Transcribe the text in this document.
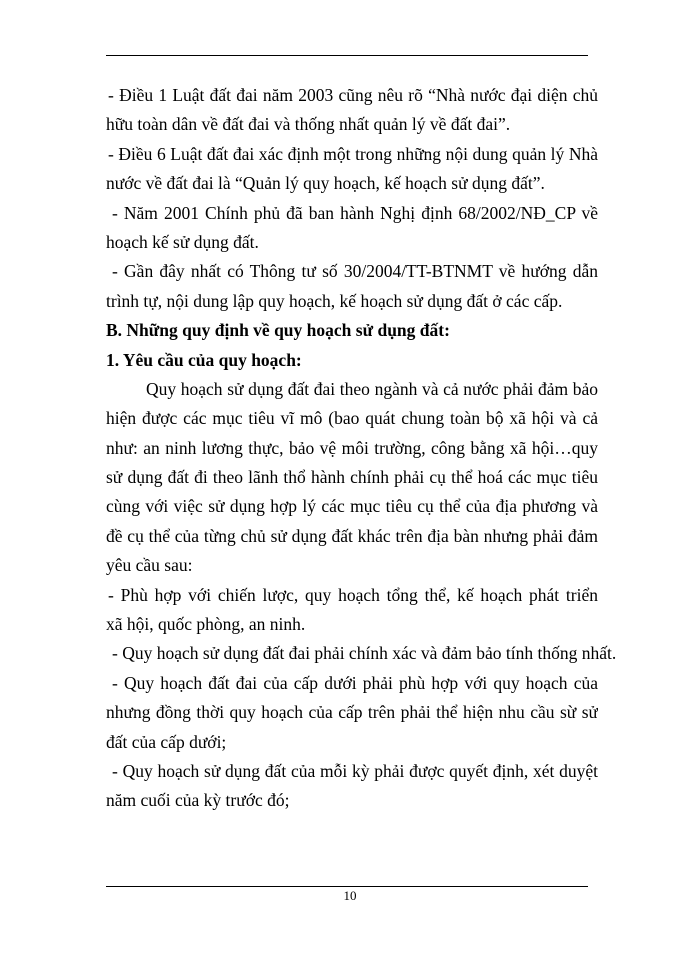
- Điều 1 Luật đất đai năm 2003 cũng nêu rõ “Nhà nước đại diện chủ
hữu toàn dân về đất đai và thống nhất quản lý về đất đai”.
- Điều 6 Luật đất đai xác định một trong những nội dung quản lý Nhà
nước về đất đai là “Quản lý quy hoạch, kế hoạch sử dụng đất”.
- Năm 2001 Chính phủ đã ban hành Nghị định 68/2002/NĐ_CP về
hoạch kế sử dụng đất.
- Gần đây nhất có Thông tư số 30/2004/TT-BTNMT về hướng dẫn
trình tự, nội dung lập quy hoạch, kế hoạch sử dụng đất ở các cấp.
B. Những quy định về quy hoạch sử dụng đất:
1. Yêu cầu của quy hoạch:
Quy hoạch sử dụng đất đai theo ngành và cả nước phải đảm bảo
hiện được các mục tiêu vĩ mô (bao quát chung toàn bộ xã hội và cả
như: an ninh lương thực, bảo vệ môi trường, công bằng xã hội…quy
sử dụng đất đi theo lãnh thổ hành chính phải cụ thể hoá các mục tiêu
cùng với việc sử dụng hợp lý các mục tiêu cụ thể của địa phương và
đề cụ thể của từng chủ sử dụng đất khác trên địa bàn nhưng phải đảm
yêu cầu sau:
- Phù hợp với chiến lược, quy hoạch tổng thể, kế hoạch phát triển
xã hội, quốc phòng, an ninh.
- Quy hoạch sử dụng đất đai phải chính xác và đảm bảo tính thống nhất.
- Quy hoạch đất đai của cấp dưới phải phù hợp với quy hoạch của
nhưng đồng thời quy hoạch của cấp trên phải thể hiện nhu cầu sừ sử
đất của cấp dưới;
- Quy hoạch sử dụng đất của mỗi kỳ phải được quyết định, xét duyệt
năm cuối của kỳ trước đó;
10
